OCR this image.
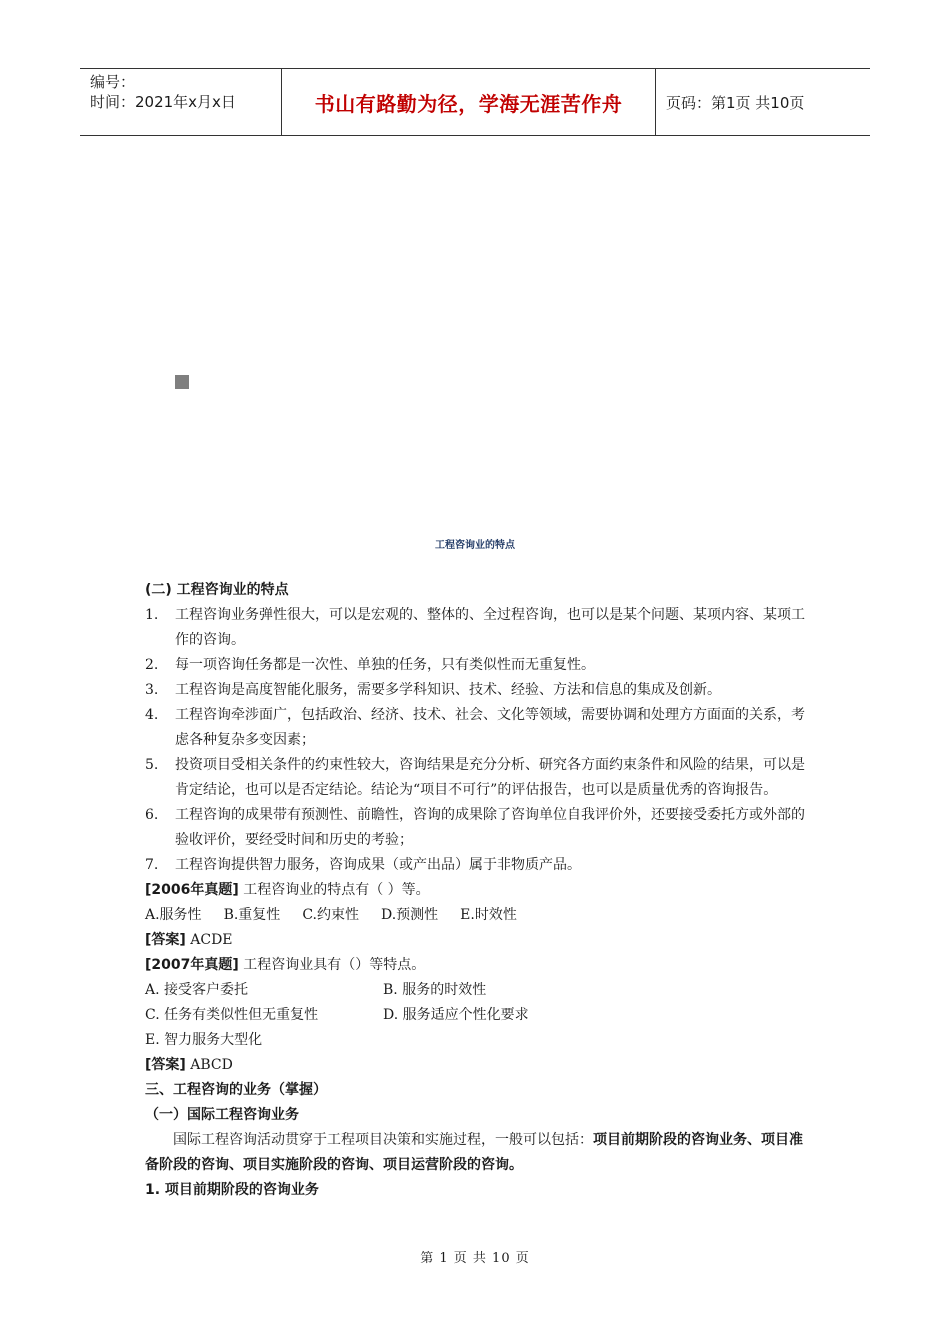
编号：
时间：2021年x月x日	书山有路勤为径，学海无涯苦作舟	页码：第1页 共10页
工程咨询业的特点
(二) 工程咨询业的特点
1.	工程咨询业务弹性很大，可以是宏观的、整体的、全过程咨询，也可以是某个问题、某项内容、某项工作的咨询。
2.	每一项咨询任务都是一次性、单独的任务，只有类似性而无重复性。
3.	工程咨询是高度智能化服务，需要多学科知识、技术、经验、方法和信息的集成及创新。
4.	工程咨询牵涉面广，包括政治、经济、技术、社会、文化等领域，需要协调和处理方方面面的关系，考虑各种复杂多变因素；
5.	投资项目受相关条件的约束性较大，咨询结果是充分分析、研究各方面约束条件和风险的结果，可以是肯定结论，也可以是否定结论。结论为“项目不可行”的评估报告，也可以是质量优秀的咨询报告。
6.	工程咨询的成果带有预测性、前瞻性，咨询的成果除了咨询单位自我评价外，还要接受委托方或外部的验收评价，要经受时间和历史的考验；
7.	工程咨询提供智力服务，咨询成果（或产出品）属于非物质产品。
[2006年真题] 工程咨询业的特点有（ ）等。
A.服务性 B.重复性 C.约束性 D.预测性 E.时效性
[答案] ACDE
[2007年真题] 工程咨询业具有（）等特点。
A. 接受客户委托	B. 服务的时效性
C. 任务有类似性但无重复性	D. 服务适应个性化要求
E. 智力服务大型化
[答案] ABCD
三、工程咨询的业务（掌握）
（一）国际工程咨询业务
国际工程咨询活动贯穿于工程项目决策和实施过程，一般可以包括：项目前期阶段的咨询业务、项目准备阶段的咨询、项目实施阶段的咨询、项目运营阶段的咨询。
1. 项目前期阶段的咨询业务
第 1 页 共 10 页
